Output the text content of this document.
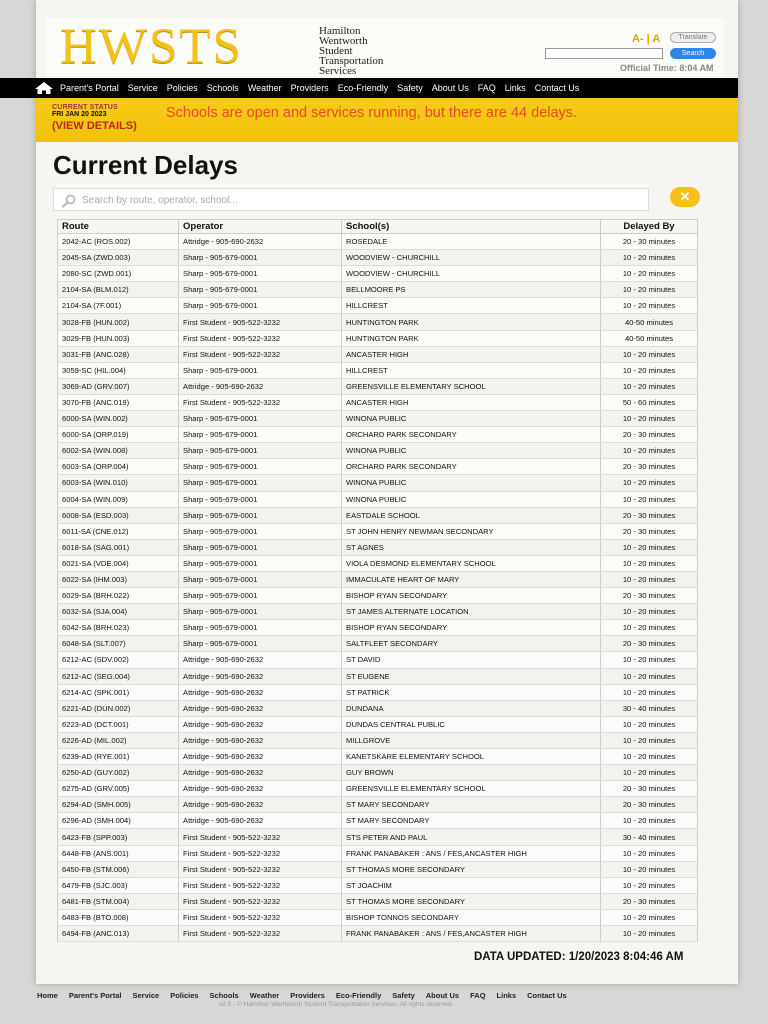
HWSTS	Hamilton
Wentworth
Student
Transportation
Services
A- | A	Translate
Search
Official Time: 8:04 AM
Parent's Portal Service Policies Schools Weather Providers Eco-Friendly Safety About Us FAQ Links Contact Us
CURRENT STATUS
FRI JAN 20 2023
(VIEW DETAILS)
Schools are open and services running, but there are 44 delays.
Current Delays
Search by route, operator, school...
✕
Route	Operator	School(s)	Delayed By
2042-AC (ROS.002)	Attridge - 905-690-2632	ROSEDALE	20 - 30 minutes
2045-SA (ZWD.003)	Sharp - 905-679-0001	WOODVIEW - CHURCHILL	10 - 20 minutes
2080-SC (ZWD.001)	Sharp - 905-679-0001	WOODVIEW - CHURCHILL	10 - 20 minutes
2104-SA (BLM.012)	Sharp - 905-679-0001	BELLMOORE PS	10 - 20 minutes
2104-SA (7F.001)	Sharp - 905-679-0001	HILLCREST	10 - 20 minutes
3028-FB (HUN.002)	First Student - 905-522-3232	HUNTINGTON PARK	40-50 minutes
3029-FB (HUN.003)	First Student - 905-522-3232	HUNTINGTON PARK	40-50 minutes
3031-FB (ANC.028)	First Student - 905-522-3232	ANCASTER HIGH	10 - 20 minutes
3059-SC (HIL.004)	Sharp - 905-679-0001	HILLCREST	10 - 20 minutes
3069-AD (GRV.007)	Attridge - 905-690-2632	GREENSVILLE ELEMENTARY SCHOOL	10 - 20 minutes
3070-FB (ANC.019)	First Student - 905-522-3232	ANCASTER HIGH	50 - 60 minutes
6000-SA (WIN.002)	Sharp - 905-679-0001	WINONA PUBLIC	10 - 20 minutes
6000-SA (ORP.019)	Sharp - 905-679-0001	ORCHARD PARK SECONDARY	20 - 30 minutes
6002-SA (WIN.008)	Sharp - 905-679-0001	WINONA PUBLIC	10 - 20 minutes
6003-SA (ORP.004)	Sharp - 905-679-0001	ORCHARD PARK SECONDARY	20 - 30 minutes
6003-SA (WIN.010)	Sharp - 905-679-0001	WINONA PUBLIC	10 - 20 minutes
6004-SA (WIN.009)	Sharp - 905-679-0001	WINONA PUBLIC	10 - 20 minutes
6008-SA (ESD.003)	Sharp - 905-679-0001	EASTDALE SCHOOL	20 - 30 minutes
6011-SA (CNE.012)	Sharp - 905-679-0001	ST JOHN HENRY NEWMAN SECONDARY	20 - 30 minutes
6018-SA (SAG.001)	Sharp - 905-679-0001	ST AGNES	10 - 20 minutes
6021-SA (VDE.004)	Sharp - 905-679-0001	VIOLA DESMOND ELEMENTARY SCHOOL	10 - 20 minutes
6022-SA (IHM.003)	Sharp - 905-679-0001	IMMACULATE HEART OF MARY	10 - 20 minutes
6029-SA (BRH.022)	Sharp - 905-679-0001	BISHOP RYAN SECONDARY	20 - 30 minutes
6032-SA (SJA.004)	Sharp - 905-679-0001	ST JAMES ALTERNATE LOCATION	10 - 20 minutes
6042-SA (BRH.023)	Sharp - 905-679-0001	BISHOP RYAN SECONDARY	10 - 20 minutes
6048-SA (SLT.007)	Sharp - 905-679-0001	SALTFLEET SECONDARY	20 - 30 minutes
6212-AC (SDV.002)	Attridge - 905-690-2632	ST DAVID	10 - 20 minutes
6212-AC (SEG.004)	Attridge - 905-690-2632	ST EUGENE	10 - 20 minutes
6214-AC (SPK.001)	Attridge - 905-690-2632	ST PATRICK	10 - 20 minutes
6221-AD (DUN.002)	Attridge - 905-690-2632	DUNDANA	30 - 40 minutes
6223-AD (DCT.001)	Attridge - 905-690-2632	DUNDAS CENTRAL PUBLIC	10 - 20 minutes
6226-AD (MIL.002)	Attridge - 905-690-2632	MILLGROVE	10 - 20 minutes
6239-AD (RYE.001)	Attridge - 905-690-2632	KANETSKARE ELEMENTARY SCHOOL	10 - 20 minutes
6250-AD (GUY.002)	Attridge - 905-690-2632	GUY BROWN	10 - 20 minutes
6275-AD (GRV.005)	Attridge - 905-690-2632	GREENSVILLE ELEMENTARY SCHOOL	20 - 30 minutes
6294-AD (SMH.005)	Attridge - 905-690-2632	ST MARY SECONDARY	20 - 30 minutes
6296-AD (SMH.004)	Attridge - 905-690-2632	ST MARY SECONDARY	10 - 20 minutes
6423-FB (SPP.003)	First Student - 905-522-3232	STS PETER AND PAUL	30 - 40 minutes
6448-FB (ANS.001)	First Student - 905-522-3232	FRANK PANABAKER : ANS / FES,ANCASTER HIGH	10 - 20 minutes
6450-FB (STM.006)	First Student - 905-522-3232	ST THOMAS MORE SECONDARY	10 - 20 minutes
6479-FB (SJC.003)	First Student - 905-522-3232	ST JOACHIM	10 - 20 minutes
6481-FB (STM.004)	First Student - 905-522-3232	ST THOMAS MORE SECONDARY	20 - 30 minutes
6483-FB (BTO.008)	First Student - 905-522-3232	BISHOP TONNOS SECONDARY	10 - 20 minutes
6494-FB (ANC.013)	First Student - 905-522-3232	FRANK PANABAKER : ANS / FES,ANCASTER HIGH	10 - 20 minutes
DATA UPDATED: 1/20/2023 8:04:46 AM
Home Parent's Portal Service Policies Schools Weather Providers Eco-Friendly Safety About Us FAQ Links Contact Us
v2.5 - © Hamilton Wentworth Student Transportation Services. All rights reserved.
